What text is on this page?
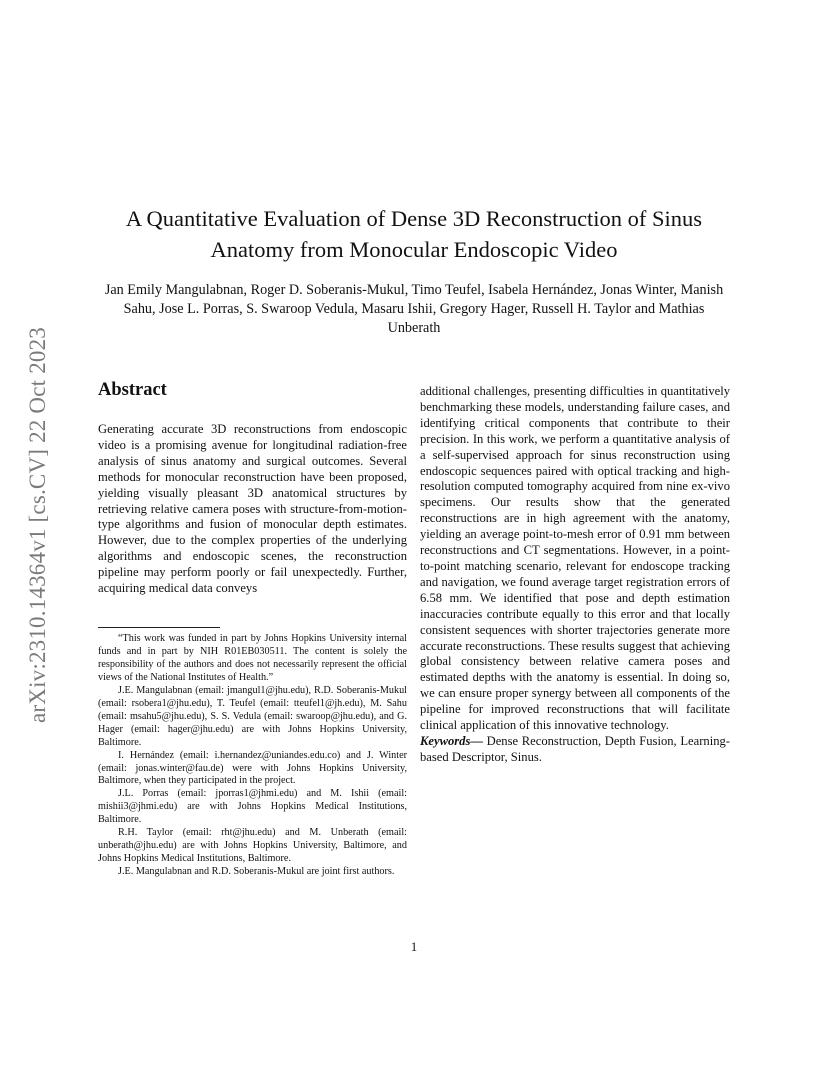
arXiv:2310.14364v1 [cs.CV] 22 Oct 2023
A Quantitative Evaluation of Dense 3D Reconstruction of Sinus Anatomy from Monocular Endoscopic Video
Jan Emily Mangulabnan, Roger D. Soberanis-Mukul, Timo Teufel, Isabela Hernández, Jonas Winter, Manish Sahu, Jose L. Porras, S. Swaroop Vedula, Masaru Ishii, Gregory Hager, Russell H. Taylor and Mathias Unberath
Abstract

Generating accurate 3D reconstructions from endoscopic video is a promising avenue for longitudinal radiation-free analysis of sinus anatomy and surgical outcomes. Several methods for monocular reconstruction have been proposed, yielding visually pleasant 3D anatomical structures by retrieving relative camera poses with structure-from-motion-type algorithms and fusion of monocular depth estimates. However, due to the complex properties of the underlying algorithms and endoscopic scenes, the reconstruction pipeline may perform poorly or fail unexpectedly. Further, acquiring medical data conveys

“This work was funded in part by Johns Hopkins University internal funds and in part by NIH R01EB030511. The content is solely the responsibility of the authors and does not necessarily represent the official views of the National Institutes of Health.”

J.E. Mangulabnan (email: jmangul1@jhu.edu), R.D. Soberanis-Mukul (email: rsobera1@jhu.edu), T. Teufel (email: tteufel1@jh.edu), M. Sahu (email: msahu5@jhu.edu), S. S. Vedula (email: swaroop@jhu.edu), and G. Hager (email: hager@jhu.edu) are with Johns Hopkins University, Baltimore.

I. Hernández (email: i.hernandez@uniandes.edu.co) and J. Winter (email: jonas.winter@fau.de) were with Johns Hopkins University, Baltimore, when they participated in the project.

J.L. Porras (email: jporras1@jhmi.edu) and M. Ishii (email: mishii3@jhmi.edu) are with Johns Hopkins Medical Institutions, Baltimore.

R.H. Taylor (email: rht@jhu.edu) and M. Unberath (email: unberath@jhu.edu) are with Johns Hopkins University, Baltimore, and Johns Hopkins Medical Institutions, Baltimore.

J.E. Mangulabnan and R.D. Soberanis-Mukul are joint first authors.

additional challenges, presenting difficulties in quantitatively benchmarking these models, understanding failure cases, and identifying critical components that contribute to their precision. In this work, we perform a quantitative analysis of a self-supervised approach for sinus reconstruction using endoscopic sequences paired with optical tracking and high-resolution computed tomography acquired from nine ex-vivo specimens. Our results show that the generated reconstructions are in high agreement with the anatomy, yielding an average point-to-mesh error of 0.91 mm between reconstructions and CT segmentations. However, in a point-to-point matching scenario, relevant for endoscope tracking and navigation, we found average target registration errors of 6.58 mm. We identified that pose and depth estimation inaccuracies contribute equally to this error and that locally consistent sequences with shorter trajectories generate more accurate reconstructions. These results suggest that achieving global consistency between relative camera poses and estimated depths with the anatomy is essential. In doing so, we can ensure proper synergy between all components of the pipeline for improved reconstructions that will facilitate clinical application of this innovative technology.

Keywords— Dense Reconstruction, Depth Fusion, Learning-based Descriptor, Sinus.

1
